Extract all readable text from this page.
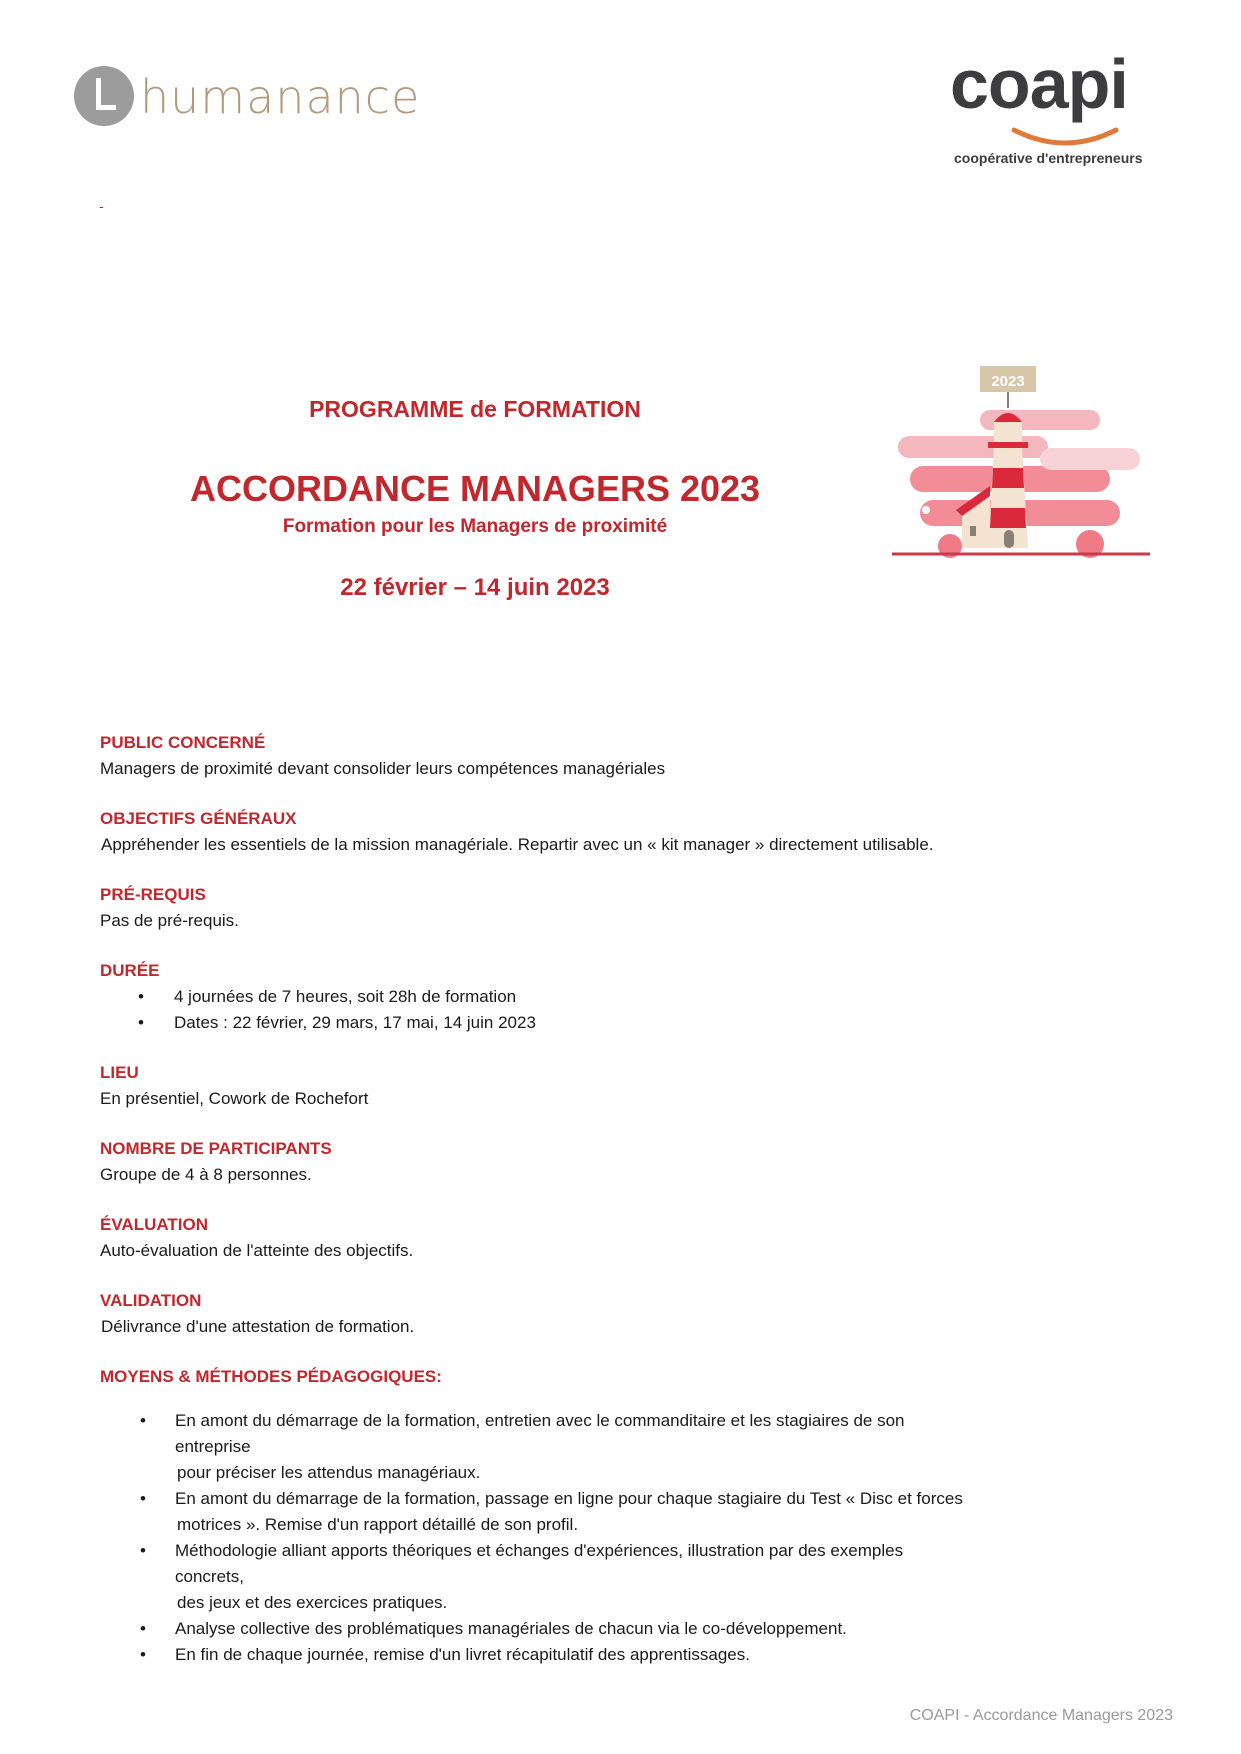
humanance	coapi
coopérative d'entrepreneurs
-
PROGRAMME de FORMATION
ACCORDANCE MANAGERS 2023
Formation pour les Managers de proximité
22 février – 14 juin 2023
2023
PUBLIC CONCERNÉ
Managers de proximité devant consolider leurs compétences managériales
OBJECTIFS GÉNÉRAUX
Appréhender les essentiels de la mission managériale. Repartir avec un « kit manager » directement utilisable.
PRÉ-REQUIS
Pas de pré-requis.
DURÉE
• 4 journées de 7 heures, soit 28h de formation
• Dates : 22 février, 29 mars, 17 mai, 14 juin 2023
LIEU
En présentiel, Cowork de Rochefort
NOMBRE DE PARTICIPANTS
Groupe de 4 à 8 personnes.
ÉVALUATION
Auto-évaluation de l'atteinte des objectifs.
VALIDATION
Délivrance d'une attestation de formation.
MOYENS & MÉTHODES PÉDAGOGIQUES:
• En amont du démarrage de la formation, entretien avec le commanditaire et les stagiaires de son entreprise
pour préciser les attendus managériaux.
• En amont du démarrage de la formation, passage en ligne pour chaque stagiaire du Test « Disc et forces
motrices ». Remise d'un rapport détaillé de son profil.
• Méthodologie alliant apports théoriques et échanges d'expériences, illustration par des exemples concrets,
des jeux et des exercices pratiques.
• Analyse collective des problématiques managériales de chacun via le co-développement.
• En fin de chaque journée, remise d'un livret récapitulatif des apprentissages.
COAPI - Accordance Managers 2023
